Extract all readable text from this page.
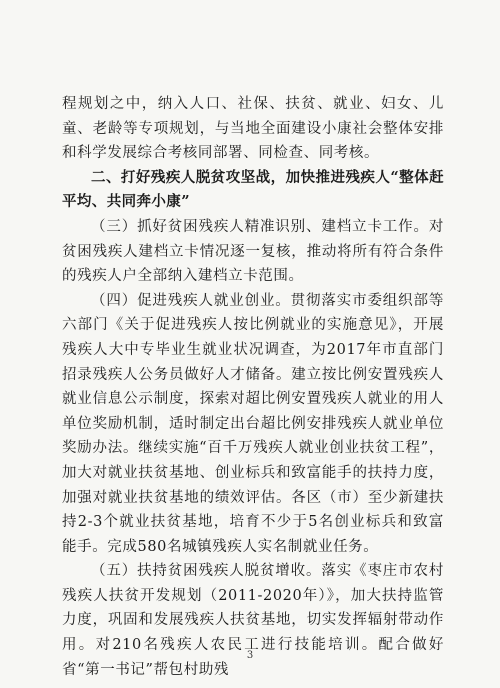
程规划之中，纳入人口、社保、扶贫、就业、妇女、儿童、老龄等专项规划，与当地全面建设小康社会整体安排和科学发展综合考核同部署、同检查、同考核。

二、打好残疾人脱贫攻坚战，加快推进残疾人“整体赶平均、共同奔小康”

（三）抓好贫困残疾人精准识别、建档立卡工作。对贫困残疾人建档立卡情况逐一复核，推动将所有符合条件的残疾人户全部纳入建档立卡范围。

（四）促进残疾人就业创业。贯彻落实市委组织部等六部门《关于促进残疾人按比例就业的实施意见》，开展残疾人大中专毕业生就业状况调查，为2017年市直部门招录残疾人公务员做好人才储备。建立按比例安置残疾人就业信息公示制度，探索对超比例安置残疾人就业的用人单位奖励机制，适时制定出台超比例安排残疾人就业单位奖励办法。继续实施“百千万残疾人就业创业扶贫工程”，加大对就业扶贫基地、创业标兵和致富能手的扶持力度，加强对就业扶贫基地的绩效评估。各区（市）至少新建扶持2-3个就业扶贫基地，培育不少于5名创业标兵和致富能手。完成580名城镇残疾人实名制就业任务。

（五）扶持贫困残疾人脱贫增收。落实《枣庄市农村残疾人扶贫开发规划（2011-2020年）》，加大扶持监管力度，巩固和发展残疾人扶贫基地，切实发挥辐射带动作用。对210名残疾人农民工进行技能培训。配合做好省“第一书记”帮包村助残

3
